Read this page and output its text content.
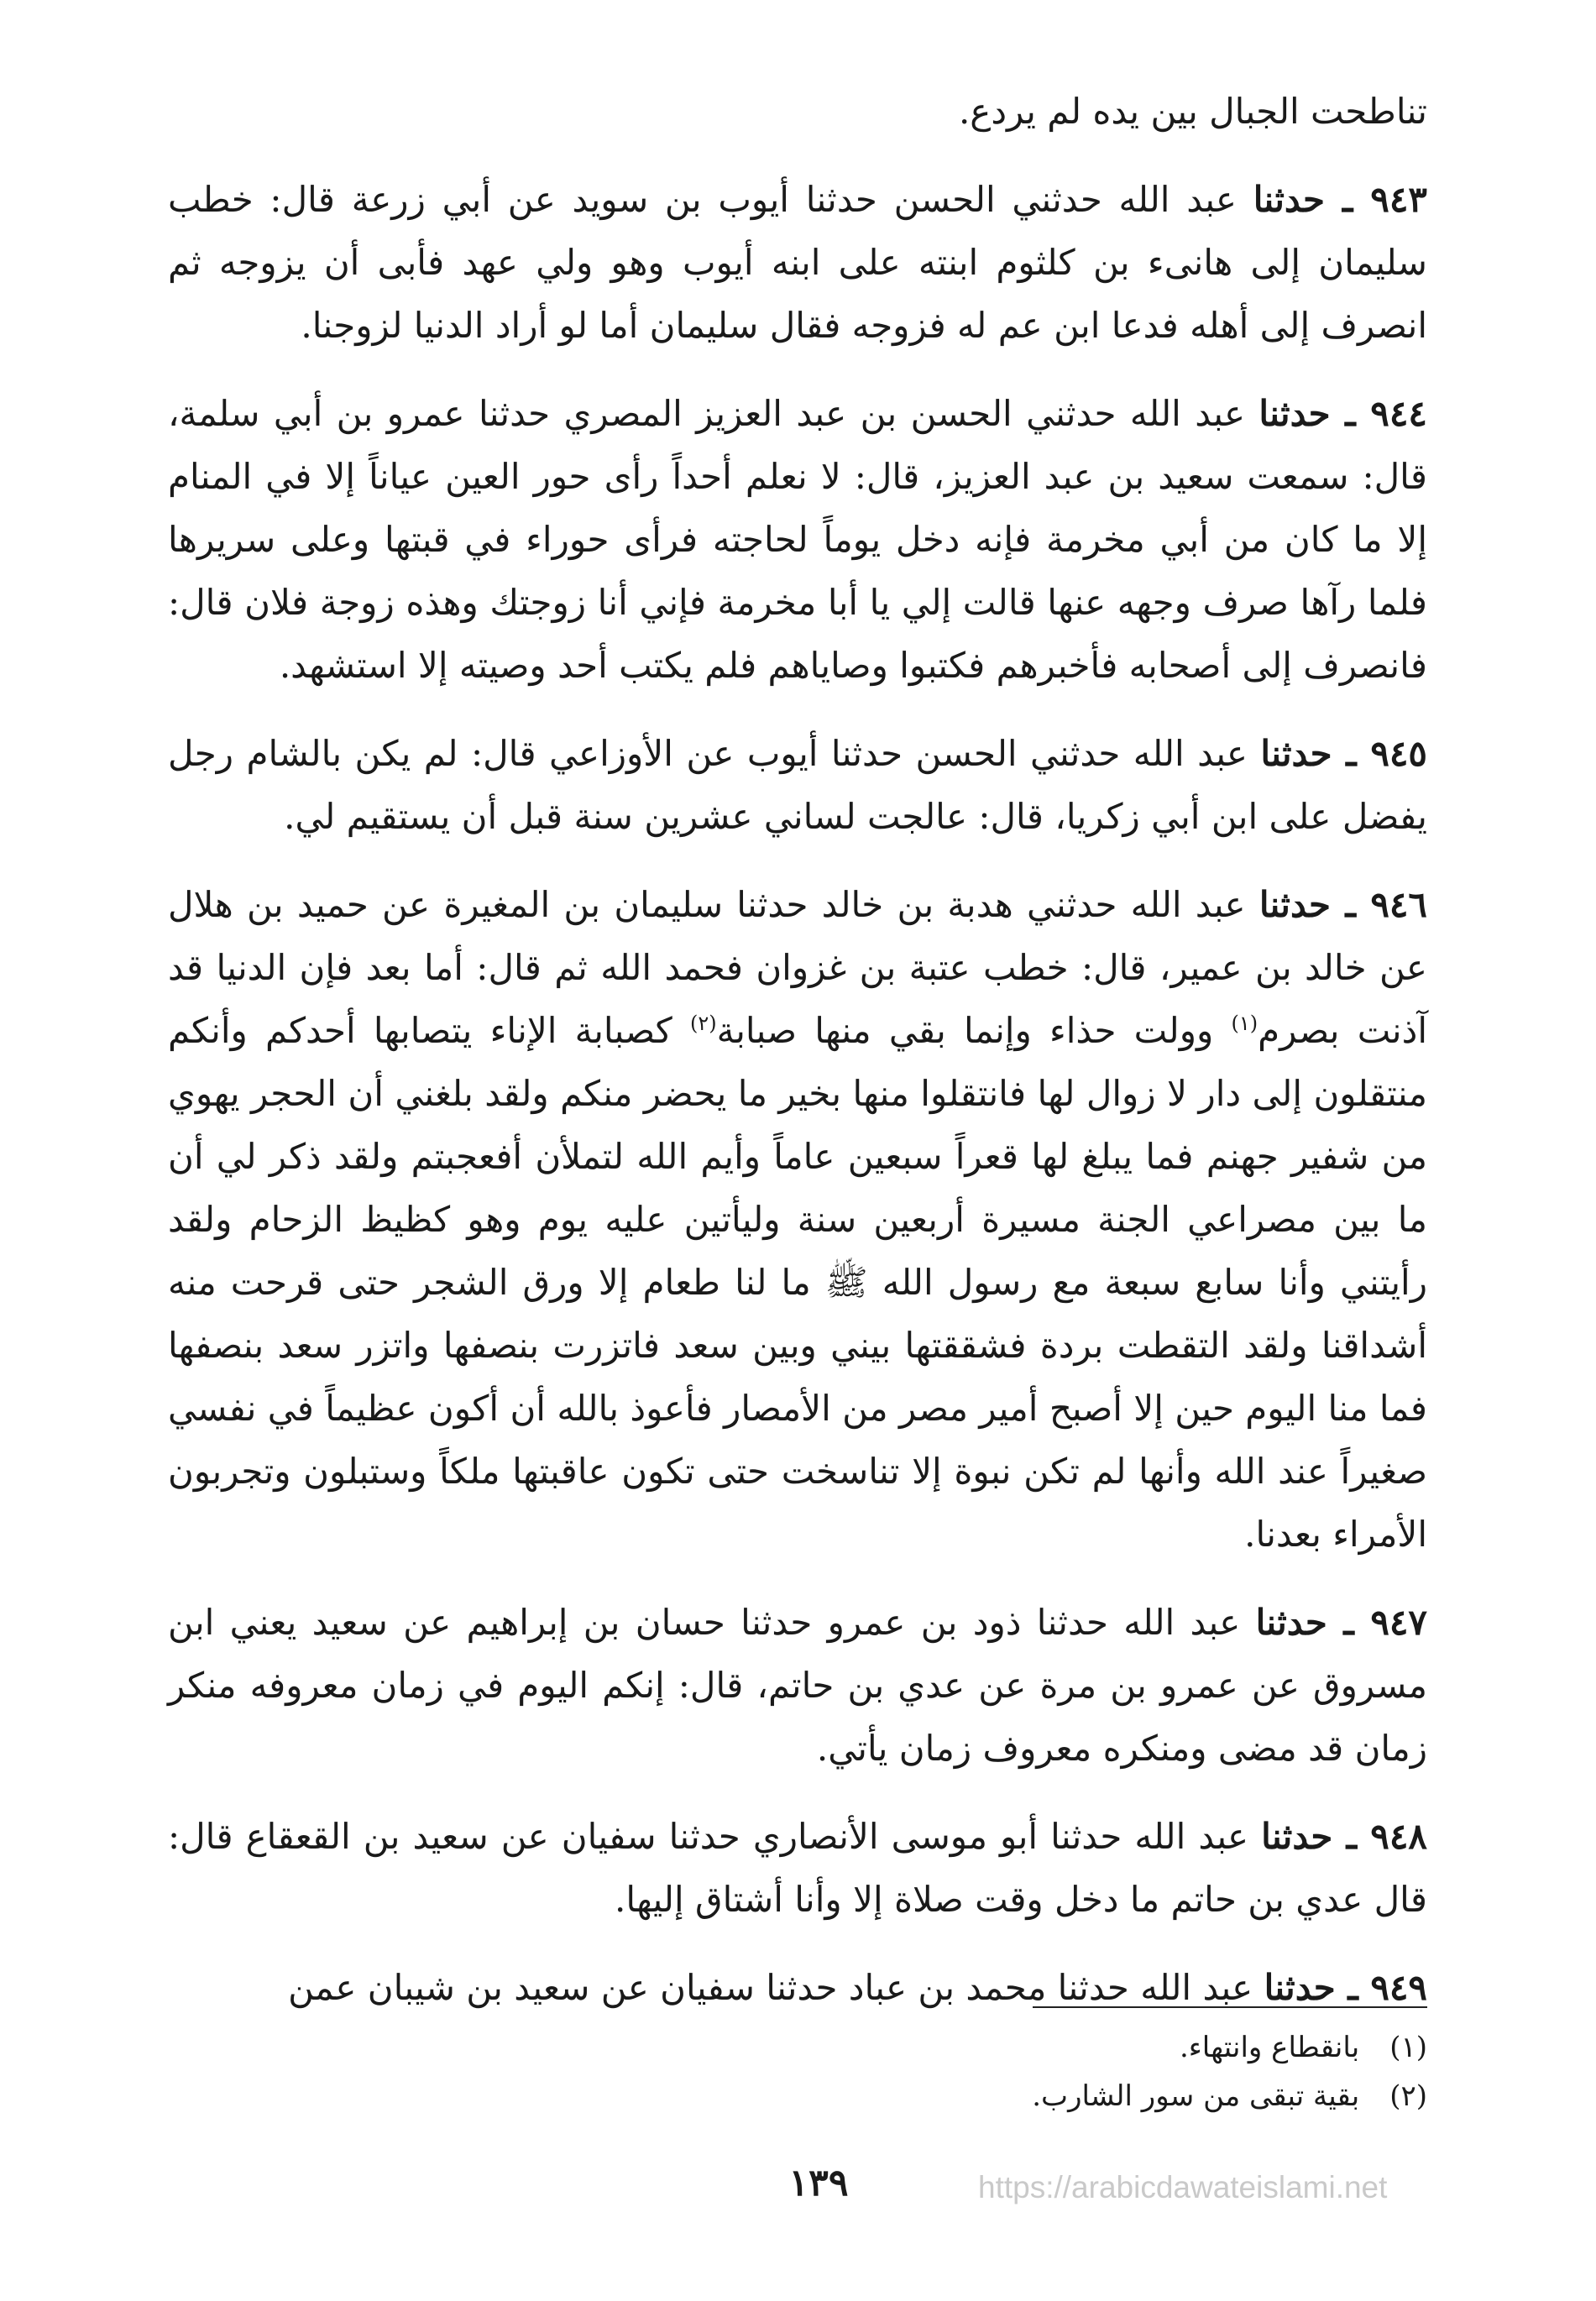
تناطحت الجبال بين يده لم يردع.

٩٤٣ ـ حدثنا عبد الله حدثني الحسن حدثنا أيوب بن سويد عن أبي زرعة قال: خطب سليمان إلى هانىء بن كلثوم ابنته على ابنه أيوب وهو ولي عهد فأبى أن يزوجه ثم انصرف إلى أهله فدعا ابن عم له فزوجه فقال سليمان أما لو أراد الدنيا لزوجنا.

٩٤٤ ـ حدثنا عبد الله حدثني الحسن بن عبد العزيز المصري حدثنا عمرو بن أبي سلمة، قال: سمعت سعيد بن عبد العزيز، قال: لا نعلم أحداً رأى حور العين عياناً إلا في المنام إلا ما كان من أبي مخرمة فإنه دخل يوماً لحاجته فرأى حوراء في قبتها وعلى سريرها فلما رآها صرف وجهه عنها قالت إلي يا أبا مخرمة فإني أنا زوجتك وهذه زوجة فلان قال: فانصرف إلى أصحابه فأخبرهم فكتبوا وصاياهم فلم يكتب أحد وصيته إلا استشهد.

٩٤٥ ـ حدثنا عبد الله حدثني الحسن حدثنا أيوب عن الأوزاعي قال: لم يكن بالشام رجل يفضل على ابن أبي زكريا، قال: عالجت لساني عشرين سنة قبل أن يستقيم لي.

٩٤٦ ـ حدثنا عبد الله حدثني هدبة بن خالد حدثنا سليمان بن المغيرة عن حميد بن هلال عن خالد بن عمير، قال: خطب عتبة بن غزوان فحمد الله ثم قال: أما بعد فإن الدنيا قد آذنت بصرم$^{(١)}$ وولت حذاء وإنما بقي منها صبابة$^{(٢)}$ كصبابة الإناء يتصابها أحدكم وأنكم منتقلون إلى دار لا زوال لها فانتقلوا منها بخير ما يحضر منكم ولقد بلغني أن الحجر يهوي من شفير جهنم فما يبلغ لها قعراً سبعين عاماً وأيم الله لتملأن أفعجبتم ولقد ذكر لي أن ما بين مصراعي الجنة مسيرة أربعين سنة وليأتين عليه يوم وهو كظيظ الزحام ولقد رأيتني وأنا سابع سبعة مع رسول الله ﷺ ما لنا طعام إلا ورق الشجر حتى قرحت منه أشداقنا ولقد التقطت بردة فشققتها بيني وبين سعد فاتزرت بنصفها واتزر سعد بنصفها فما منا اليوم حين إلا أصبح أمير مصر من الأمصار فأعوذ بالله أن أكون عظيماً في نفسي صغيراً عند الله وأنها لم تكن نبوة إلا تناسخت حتى تكون عاقبتها ملكاً وستبلون وتجربون الأمراء بعدنا.

٩٤٧ ـ حدثنا عبد الله حدثنا ذود بن عمرو حدثنا حسان بن إبراهيم عن سعيد يعني ابن مسروق عن عمرو بن مرة عن عدي بن حاتم، قال: إنكم اليوم في زمان معروفه منكر زمان قد مضى ومنكره معروف زمان يأتي.

٩٤٨ ـ حدثنا عبد الله حدثنا أبو موسى الأنصاري حدثنا سفيان عن سعيد بن القعقاع قال: قال عدي بن حاتم ما دخل وقت صلاة إلا وأنا أشتاق إليها.

٩٤٩ ـ حدثنا عبد الله حدثنا محمد بن عباد حدثنا سفيان عن سعيد بن شيبان عمن

(١) بانقطاع وانتهاء.
(٢) بقية تبقى من سور الشارب.
١٣٩	https://arabicdawateislami.net
